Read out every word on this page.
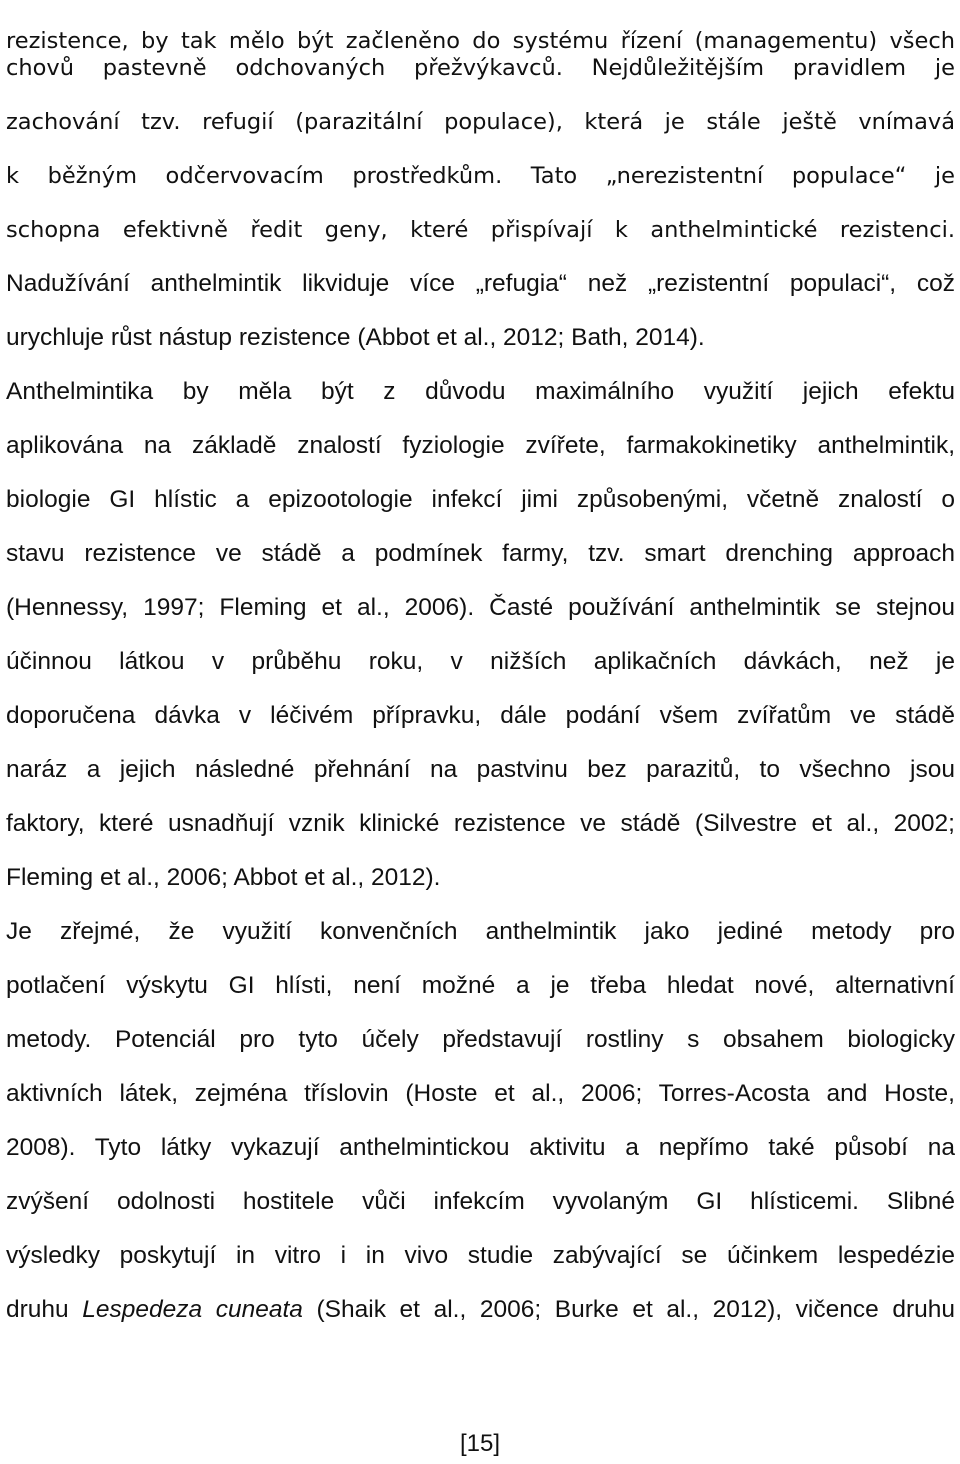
rezistence, by tak mělo být začleněno do systému řízení (managementu) všech
chovů pastevně odchovaných přežvýkavců. Nejdůležitějším pravidlem je
zachování tzv. refugií (parazitální populace), která je stále ještě vnímavá
k běžným odčervovacím prostředkům. Tato „nerezistentní populace“ je
schopna efektivně ředit geny, které přispívají k anthelmintické rezistenci.
Nadužívání anthelmintik likviduje více „refugia“ než „rezistentní populaci“, což
urychluje růst nástup rezistence (Abbot et al., 2012; Bath, 2014).
Anthelmintika by měla být z důvodu maximálního využití jejich efektu
aplikována na základě znalostí fyziologie zvířete, farmakokinetiky anthelmintik,
biologie GI hlístic a epizootologie infekcí jimi způsobenými, včetně znalostí o
stavu rezistence ve stádě a podmínek farmy, tzv. smart drenching approach
(Hennessy, 1997; Fleming et al., 2006). Časté používání anthelmintik se stejnou
účinnou látkou v průběhu roku, v nižších aplikačních dávkách, než je
doporučena dávka v léčivém přípravku, dále podání všem zvířatům ve stádě
naráz a jejich následné přehnání na pastvinu bez parazitů, to všechno jsou
faktory, které usnadňují vznik klinické rezistence ve stádě (Silvestre et al., 2002;
Fleming et al., 2006; Abbot et al., 2012).
Je zřejmé, že využití konvenčních anthelmintik jako jediné metody pro
potlačení výskytu GI hlísti, není možné a je třeba hledat nové, alternativní
metody. Potenciál pro tyto účely představují rostliny s obsahem biologicky
aktivních látek, zejména tříslovin (Hoste et al., 2006; Torres-Acosta and Hoste,
2008). Tyto látky vykazují anthelmintickou aktivitu a nepřímo také působí na
zvýšení odolnosti hostitele vůči infekcím vyvolaným GI hlísticemi. Slibné
výsledky poskytují in vitro i in vivo studie zabývající se účinkem lespedézie
druhu Lespedeza cuneata (Shaik et al., 2006; Burke et al., 2012), vičence druhu
[15]
